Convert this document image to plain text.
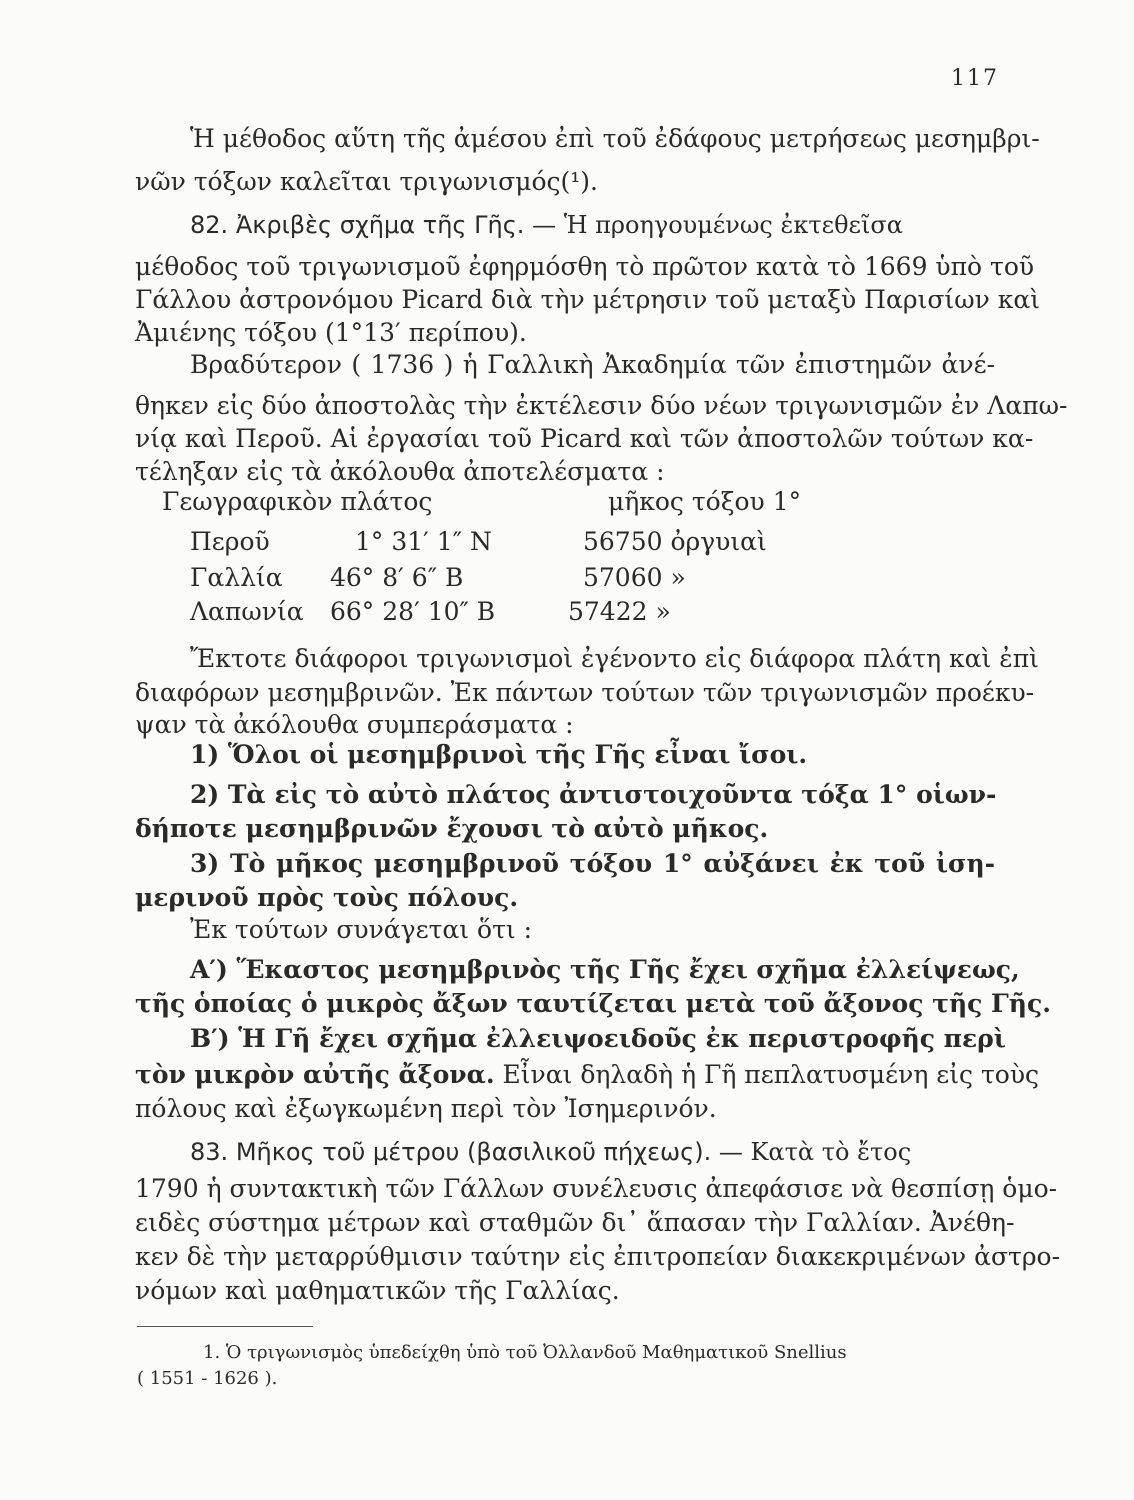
117
Ἡ μέθοδος αὕτη τῆς ἀμέσου ἐπὶ τοῦ ἐδάφους μετρήσεως μεσημβρι-
νῶν τόξων καλεῖται τριγωνισμός(¹).
82. Ἀκριβὲς σχῆμα τῆς Γῆς. — Ἡ προηγουμένως ἐκτεθεῖσα
μέθοδος τοῦ τριγωνισμοῦ ἐφηρμόσθη τὸ πρῶτον κατὰ τὸ 1669 ὑπὸ τοῦ
Γάλλου ἀστρονόμου Picard διὰ τὴν μέτρησιν τοῦ μεταξὺ Παρισίων καὶ
Ἀμιένης τόξου (1°13′ περίπου).
Βραδύτερον ( 1736 ) ἡ Γαλλικὴ Ἀκαδημία τῶν ἐπιστημῶν ἀνέ-
θηκεν εἰς δύο ἀποστολὰς τὴν ἐκτέλεσιν δύο νέων τριγωνισμῶν ἐν Λαπω-
νίᾳ καὶ Περοῦ. Αἱ ἐργασίαι τοῦ Picard καὶ τῶν ἀποστολῶν τούτων κα-
τέληξαν εἰς τὰ ἀκόλουθα ἀποτελέσματα :
Γεωγραφικὸν πλάτος	μῆκος τόξου 1°
Περοῦ	1° 31′ 1″ N	56750 ὀργυιαὶ
Γαλλία 46° 8′ 6″ B	57060 »
Λαπωνία 66° 28′ 10″ B	57422 »
Ἔκτοτε διάφοροι τριγωνισμοὶ ἐγένοντο εἰς διάφορα πλάτη καὶ ἐπὶ
διαφόρων μεσημβρινῶν. Ἐκ πάντων τούτων τῶν τριγωνισμῶν προέκυ-
ψαν τὰ ἀκόλουθα συμπεράσματα :
1) Ὅλοι οἱ μεσημβρινοὶ τῆς Γῆς εἶναι ἴσοι.
2) Τὰ εἰς τὸ αὐτὸ πλάτος ἀντιστοιχοῦντα τόξα 1° οἱων-
δήποτε μεσημβρινῶν ἔχουσι τὸ αὐτὸ μῆκος.
3) Τὸ μῆκος μεσημβρινοῦ τόξου 1° αὐξάνει ἐκ τοῦ ἰση-
μερινοῦ πρὸς τοὺς πόλους.
Ἐκ τούτων συνάγεται ὅτι :
Α′) Ἕκαστος μεσημβρινὸς τῆς Γῆς ἔχει σχῆμα ἐλλείψεως,
τῆς ὁποίας ὁ μικρὸς ἄξων ταυτίζεται μετὰ τοῦ ἄξονος τῆς Γῆς.
Β′) Ἡ Γῆ ἔχει σχῆμα ἐλλειψοειδοῦς ἐκ περιστροφῆς περὶ
τὸν μικρὸν αὐτῆς ἄξονα. Εἶναι δηλαδὴ ἡ Γῆ πεπλατυσμένη εἰς τοὺς
πόλους καὶ ἐξωγκωμένη περὶ τὸν Ἰσημερινόν.
83. Μῆκος τοῦ μέτρου (βασιλικοῦ πήχεως). — Κατὰ τὸ ἔτος
1790 ἡ συντακτικὴ τῶν Γάλλων συνέλευσις ἀπεφάσισε νὰ θεσπίσῃ ὁμο-
ειδὲς σύστημα μέτρων καὶ σταθμῶν δι᾿ ἅπασαν τὴν Γαλλίαν. Ἀνέθη-
κεν δὲ τὴν μεταρρύθμισιν ταύτην εἰς ἐπιτροπείαν διακεκριμένων ἀστρο-
νόμων καὶ μαθηματικῶν τῆς Γαλλίας.
1. Ὁ τριγωνισμὸς ὑπεδείχθη ὑπὸ τοῦ Ὀλλανδοῦ Μαθηματικοῦ Snellius
( 1551 - 1626 ).
